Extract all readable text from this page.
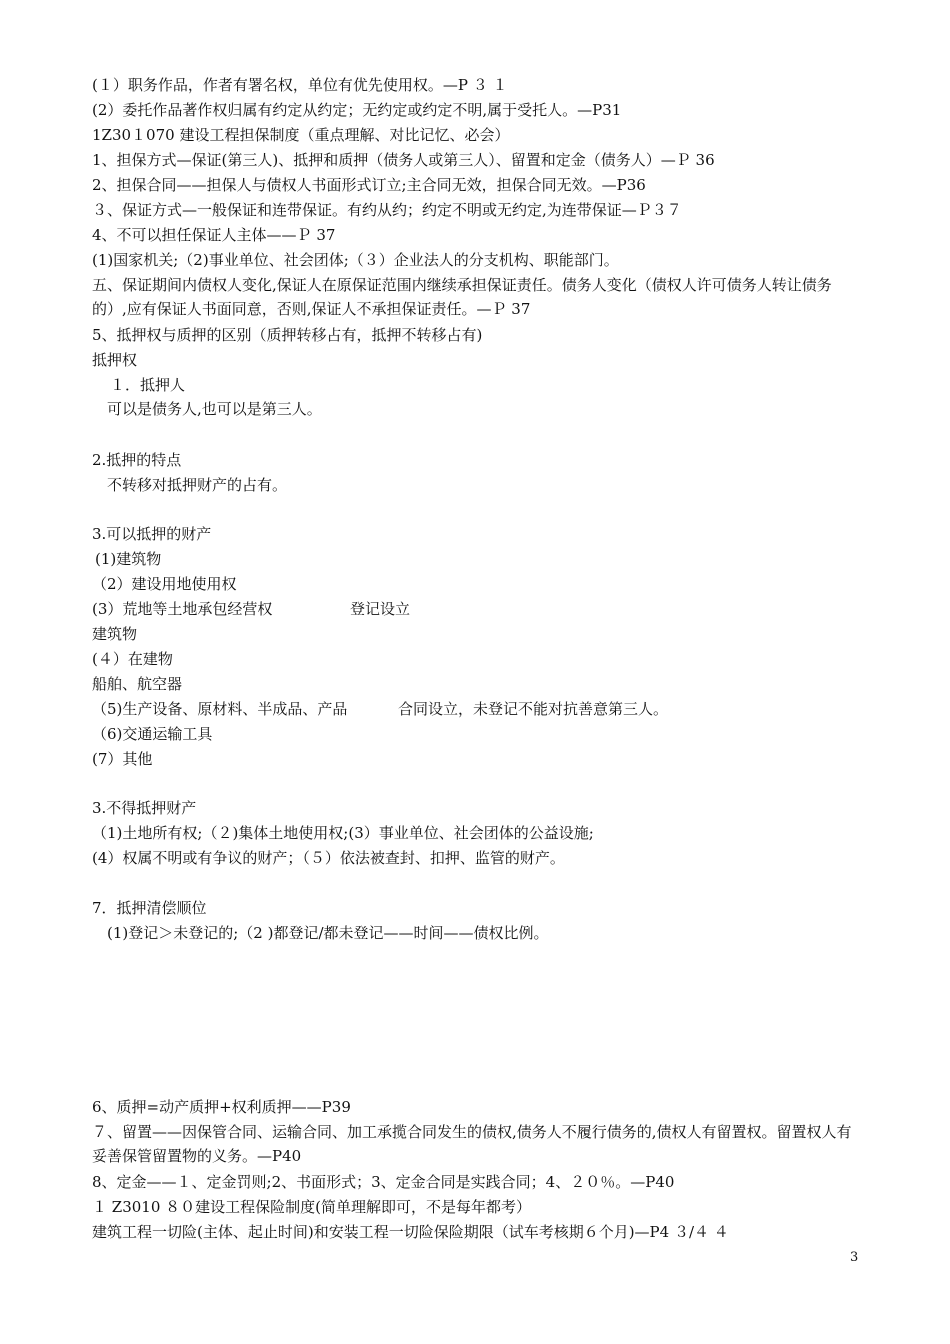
(１）职务作品，作者有署名权，单位有优先使用权。—P ３ １
(2）委托作品著作权归属有约定从约定；无约定或约定不明,属于受托人。—P31
1Z30１070 建设工程担保制度（重点理解、对比记忆、必会）
1、担保方式—保证(第三人)、抵押和质押（债务人或第三人）、留置和定金（债务人）—Ｐ 36
2、担保合同——担保人与债权人书面形式订立;主合同无效，担保合同无效。—P36
３、保证方式—一般保证和连带保证。有约从约；约定不明或无约定,为连带保证—Ｐ３７
4、不可以担任保证人主体——Ｐ 37
(1)国家机关;（2)事业单位、社会团体;（３）企业法人的分支机构、职能部门。
五、保证期间内债权人变化,保证人在原保证范围内继续承担保证责任。债务人变化（债权人许可债务人转让债务的）,应有保证人书面同意，否则,保证人不承担保证责任。—Ｐ 37
5、抵押权与质押的区别（质押转移占有，抵押不转移占有)
抵押权
１．抵押人
可以是债务人,也可以是第三人。
2.抵押的特点
不转移对抵押财产的占有。
3.可以抵押的财产
(1)建筑物
（2）建设用地使用权
(3）荒地等土地承包经营权	登记设立
建筑物
(４）在建物
船舶、航空器
（5)生产设备、原材料、半成品、产品	合同设立，未登记不能对抗善意第三人。
（6)交通运输工具
(7）其他
3.不得抵押财产
（1)土地所有权;（２)集体土地使用权;(3）事业单位、社会团体的公益设施;
(4）权属不明或有争议的财产；（５）依法被查封、扣押、监管的财产。
7．抵押清偿顺位
(1)登记＞未登记的;（2 )都登记/都未登记——时间——债权比例。
6、质押=动产质押+权利质押——P39
７、留置——因保管合同、运输合同、加工承揽合同发生的债权,债务人不履行债务的,债权人有留置权。留置权人有妥善保管留置物的义务。—P40
8、定金——１、定金罚则;2、书面形式；3、定金合同是实践合同；4、２０％。—P40
１ Z3010 ８０建设工程保险制度(简单理解即可，不是每年都考）
建筑工程一切险(主体、起止时间)和安装工程一切险保险期限（试车考核期６个月)—P4 ３/４ ４
3
